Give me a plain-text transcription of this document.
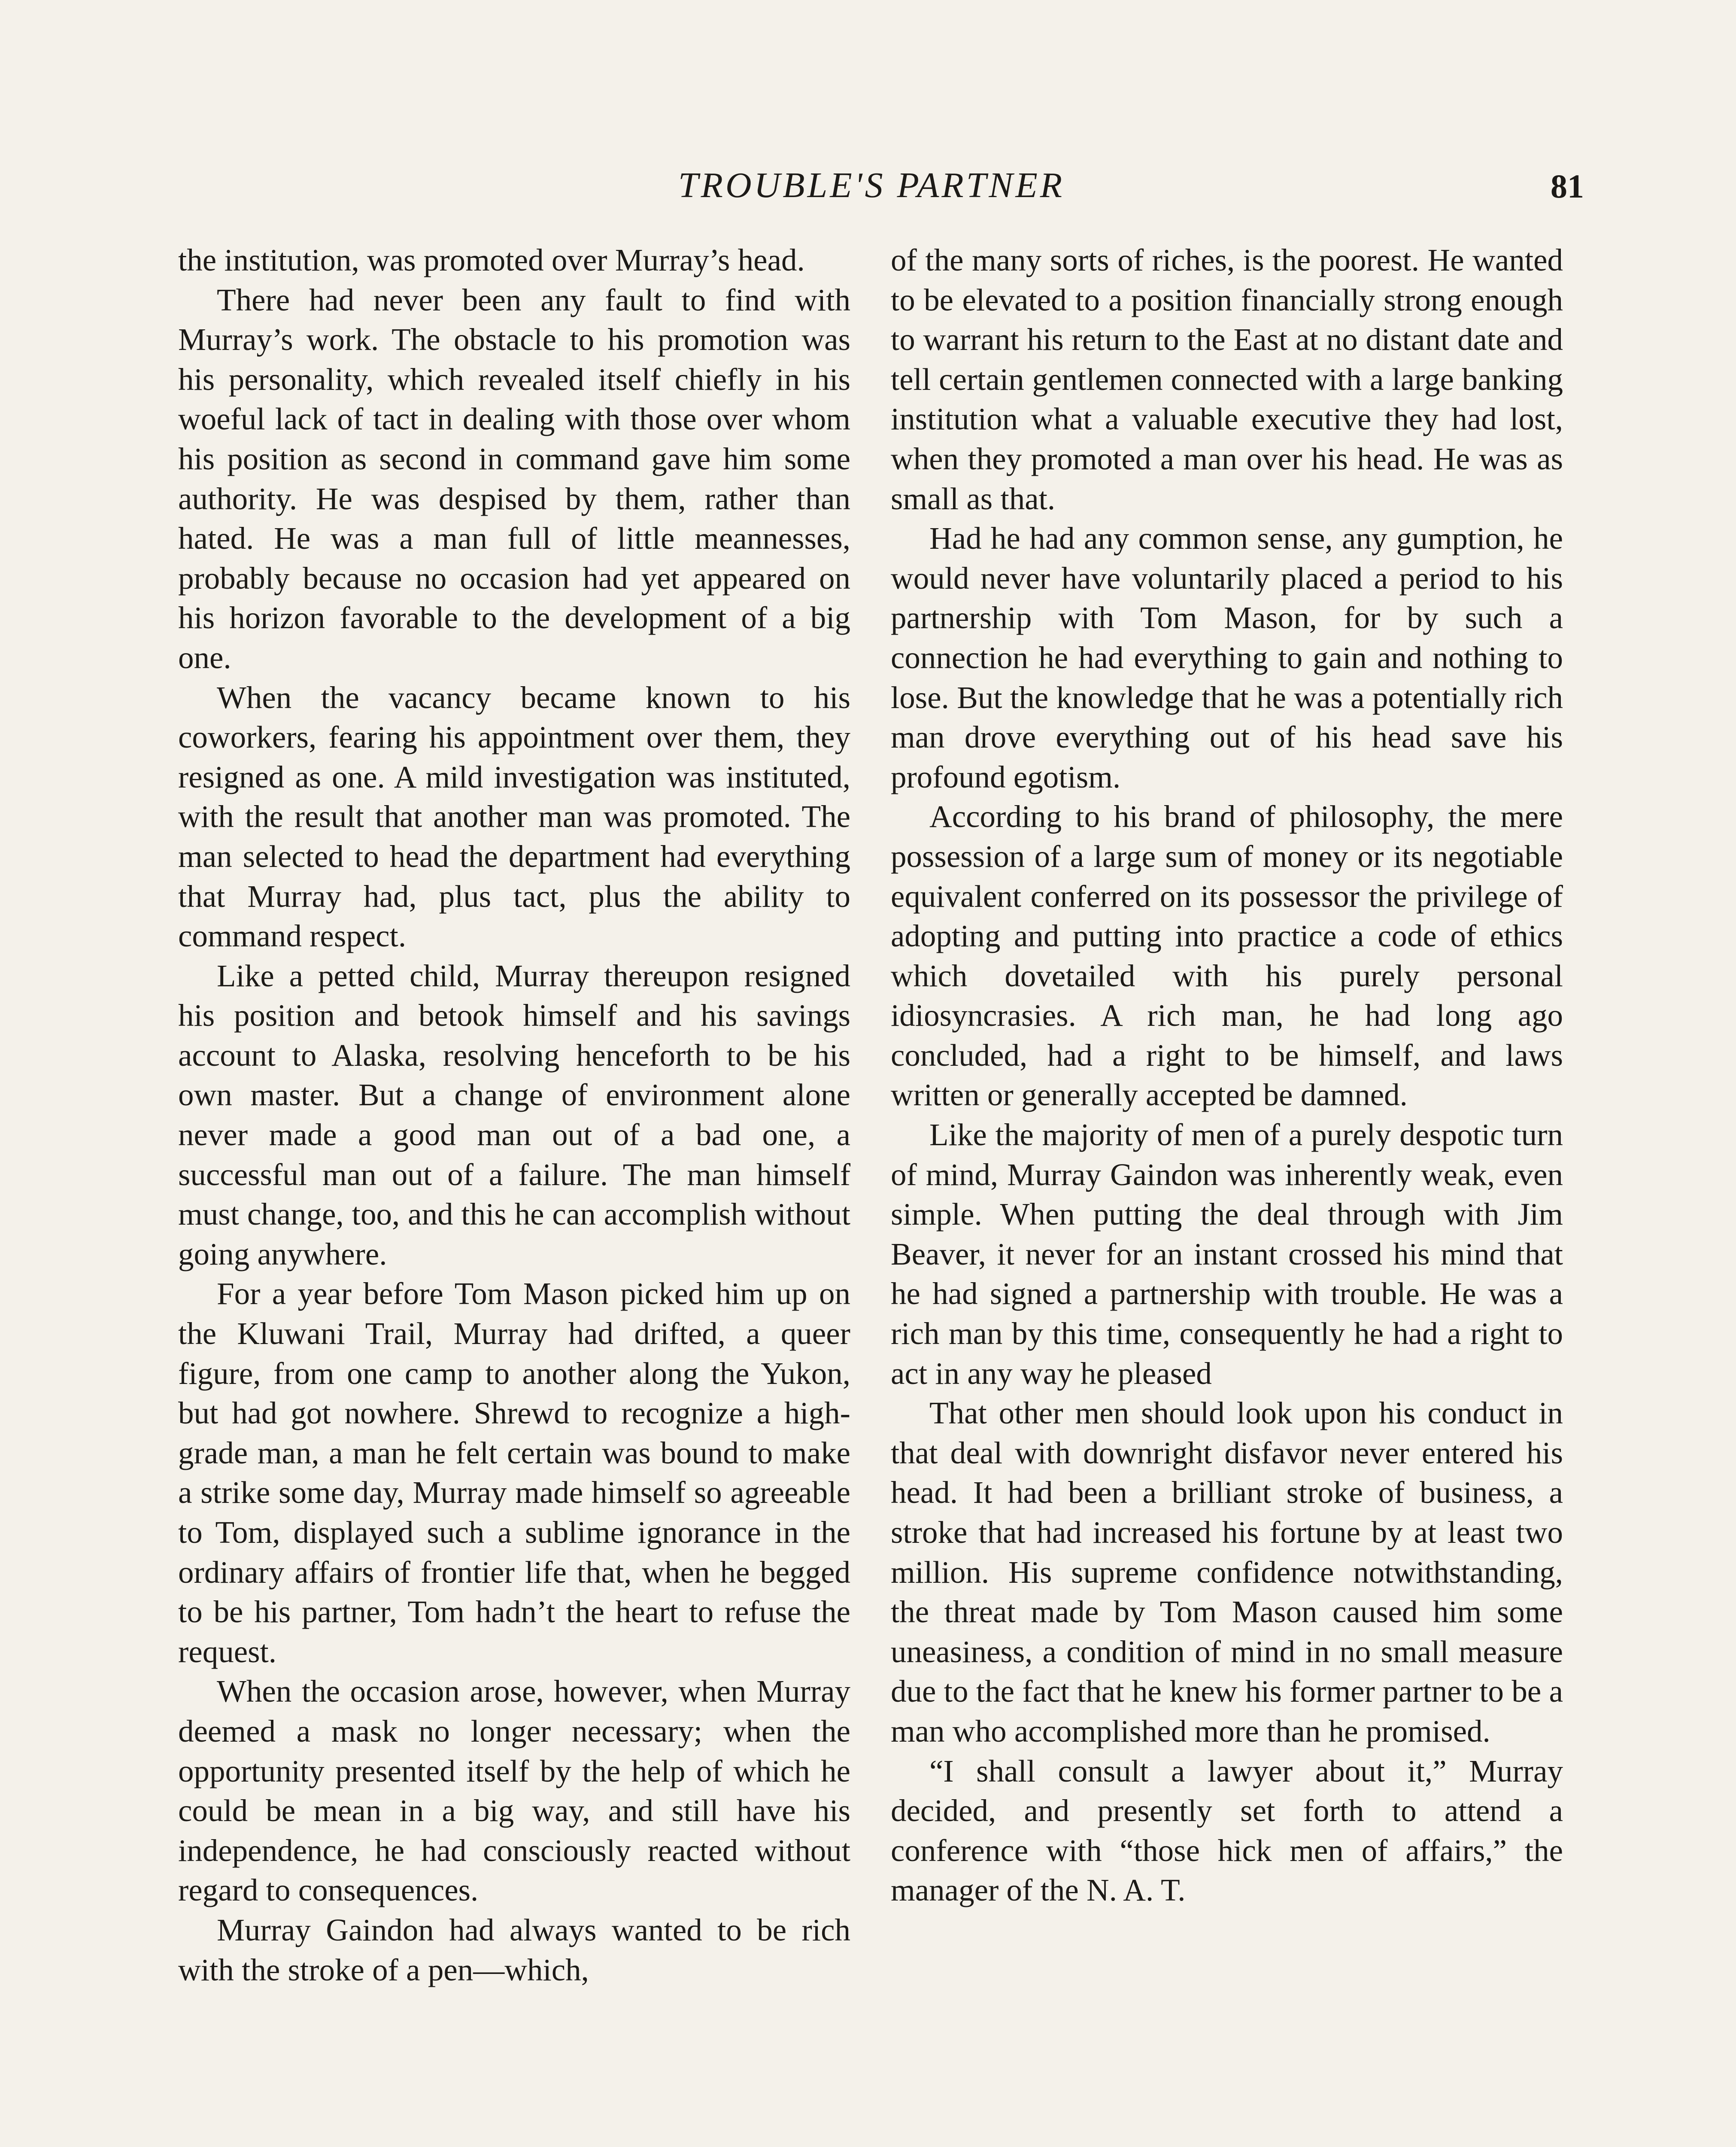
TROUBLE'S PARTNER	81

the institution, was promoted over Murray’s head.

There had never been any fault to find with Murray’s work. The obstacle to his promotion was his personality, which revealed itself chiefly in his woeful lack of tact in dealing with those over whom his position as second in command gave him some authority. He was despised by them, rather than hated. He was a man full of little meannesses, probably because no occasion had yet appeared on his horizon favorable to the development of a big one.

When the vacancy became known to his coworkers, fearing his appointment over them, they resigned as one. A mild investigation was instituted, with the result that another man was promoted. The man selected to head the department had everything that Murray had, plus tact, plus the ability to command respect.

Like a petted child, Murray thereupon resigned his position and betook himself and his savings account to Alaska, resolving henceforth to be his own master. But a change of environment alone never made a good man out of a bad one, a successful man out of a failure. The man himself must change, too, and this he can accomplish without going anywhere.

For a year before Tom Mason picked him up on the Kluwani Trail, Murray had drifted, a queer figure, from one camp to another along the Yukon, but had got nowhere. Shrewd to recognize a high-grade man, a man he felt certain was bound to make a strike some day, Murray made himself so agreeable to Tom, displayed such a sublime ignorance in the ordinary affairs of frontier life that, when he begged to be his partner, Tom hadn’t the heart to refuse the request.

When the occasion arose, however, when Murray deemed a mask no longer necessary; when the opportunity presented itself by the help of which he could be mean in a big way, and still have his independence, he had consciously reacted without regard to consequences.

Murray Gaindon had always wanted to be rich with the stroke of a pen—which,

of the many sorts of riches, is the poorest. He wanted to be elevated to a position financially strong enough to warrant his return to the East at no distant date and tell certain gentlemen connected with a large banking institution what a valuable executive they had lost, when they promoted a man over his head. He was as small as that.

Had he had any common sense, any gumption, he would never have voluntarily placed a period to his partnership with Tom Mason, for by such a connection he had everything to gain and nothing to lose. But the knowledge that he was a potentially rich man drove everything out of his head save his profound egotism.

According to his brand of philosophy, the mere possession of a large sum of money or its negotiable equivalent conferred on its possessor the privilege of adopting and putting into practice a code of ethics which dovetailed with his purely personal idiosyncrasies. A rich man, he had long ago concluded, had a right to be himself, and laws written or generally accepted be damned.

Like the majority of men of a purely despotic turn of mind, Murray Gaindon was inherently weak, even simple. When putting the deal through with Jim Beaver, it never for an instant crossed his mind that he had signed a partnership with trouble. He was a rich man by this time, consequently he had a right to act in any way he pleased

That other men should look upon his conduct in that deal with downright disfavor never entered his head. It had been a brilliant stroke of business, a stroke that had increased his fortune by at least two million. His supreme confidence notwithstanding, the threat made by Tom Mason caused him some uneasiness, a condition of mind in no small measure due to the fact that he knew his former partner to be a man who accomplished more than he promised.

“I shall consult a lawyer about it,” Murray decided, and presently set forth to attend a conference with “those hick men of affairs,” the manager of the N. A. T.
